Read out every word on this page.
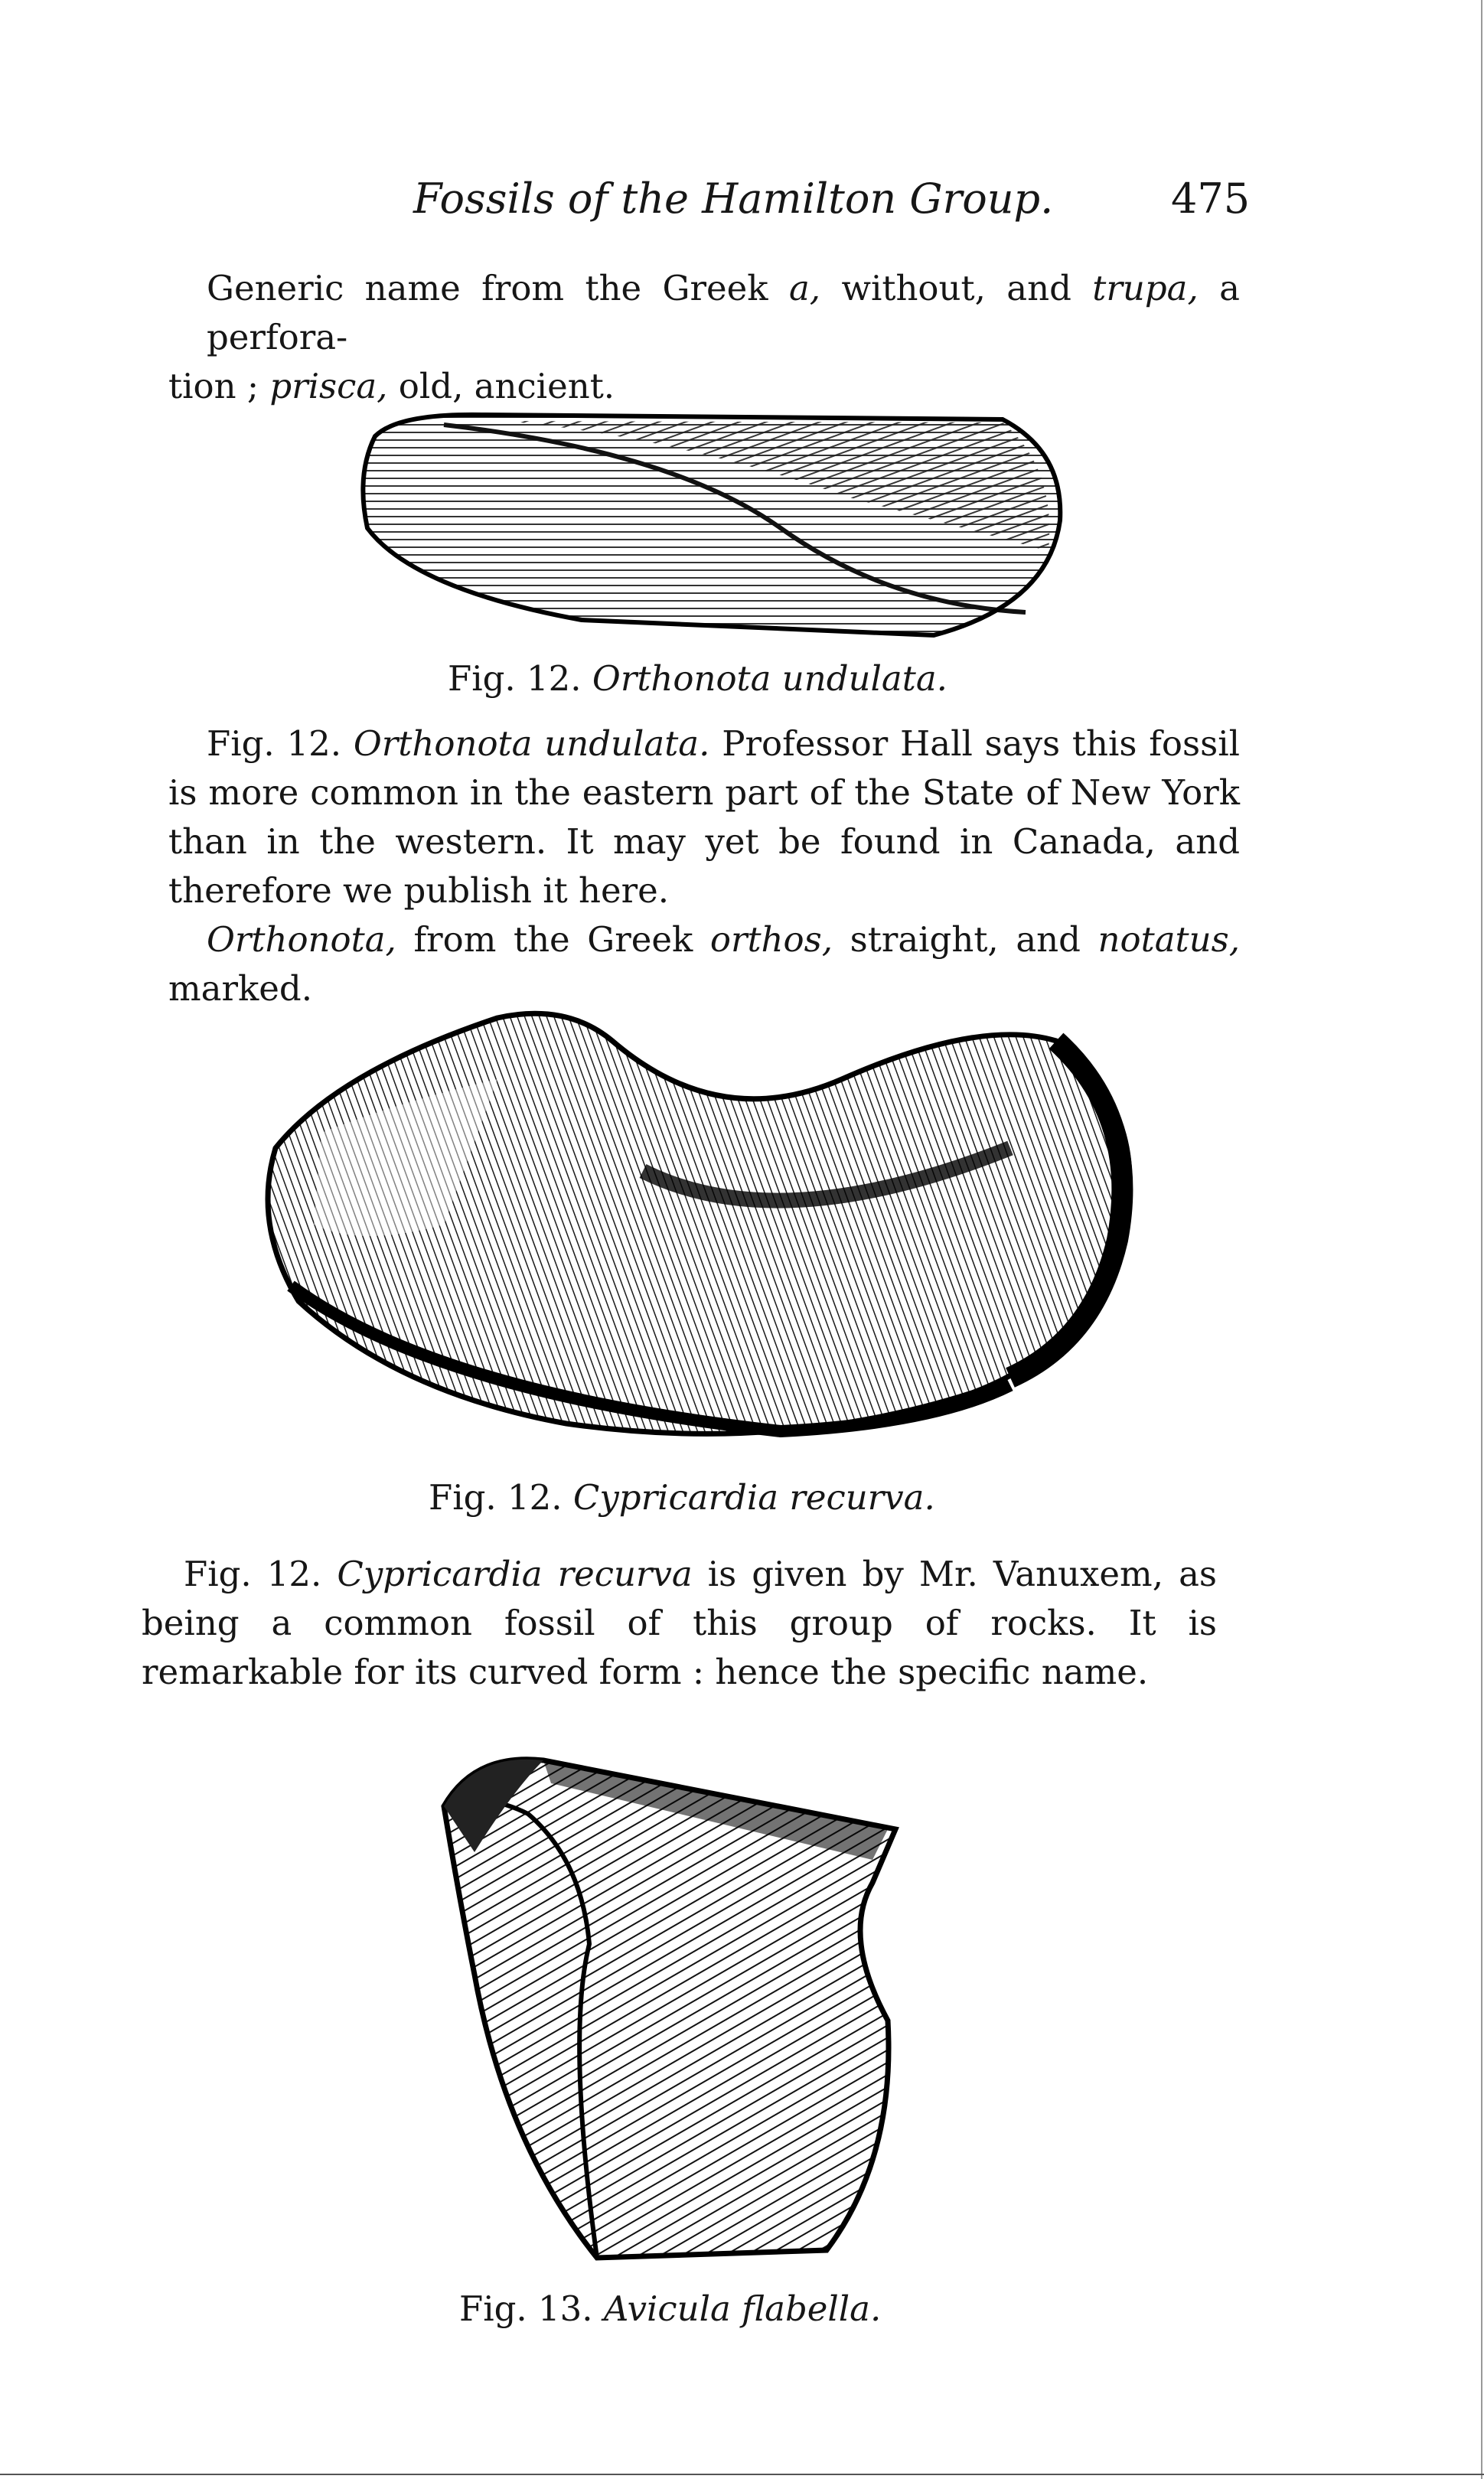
Fossils of the Hamilton Group.	475
Generic name from the Greek a, without, and trupa, a perfora-
tion ; prisca, old, ancient.
Fig. 12. Orthonota undulata.
Fig. 12. Orthonota undulata. Professor Hall says this fossil is more common in the eastern part of the State of New York than in the western. It may yet be found in Canada, and therefore we publish it here.
Orthonota, from the Greek orthos, straight, and notatus, marked.
Fig. 12. Cypricardia recurva.
Fig. 12. Cypricardia recurva is given by Mr. Vanuxem, as being a common fossil of this group of rocks. It is remarkable for its curved form : hence the specific name.
Fig. 13. Avicula flabella.
